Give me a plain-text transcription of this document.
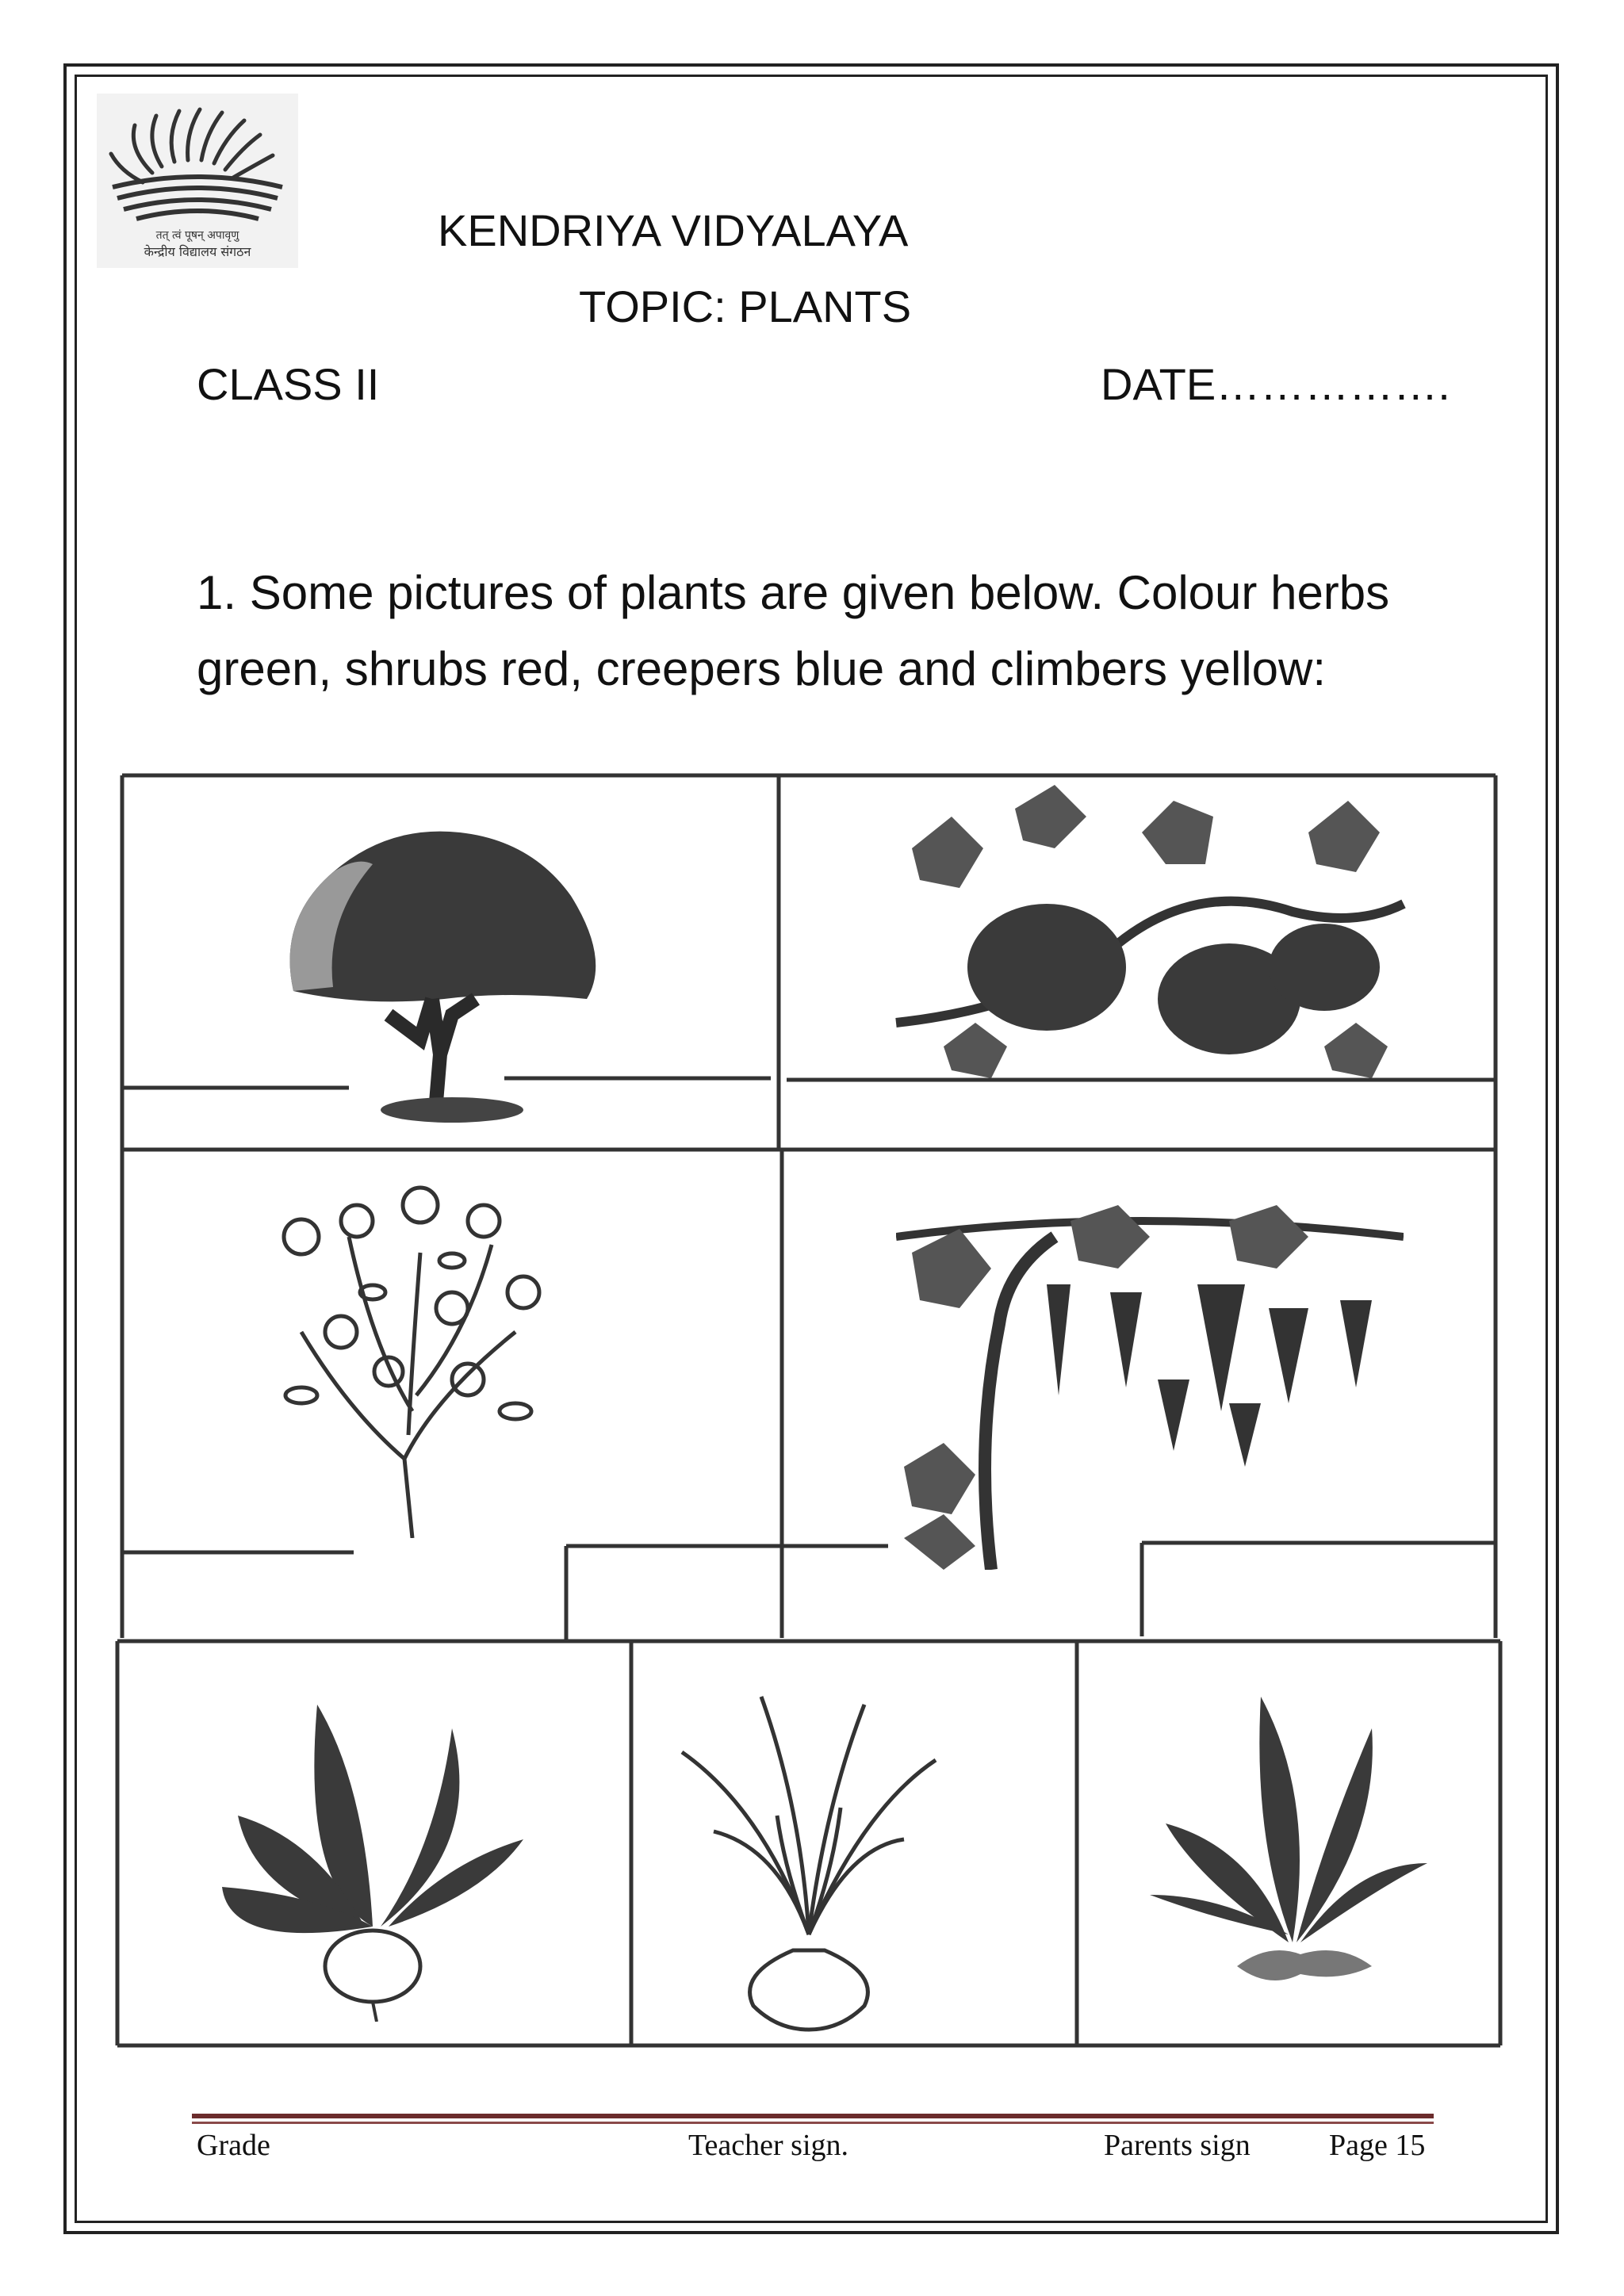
तत् त्वं पूषन् अपावृणु
केन्द्रीय विद्यालय संगठन	KENDRIYA VIDYALAYA
TOPIC: PLANTS
CLASS II	DATE…………….
1. Some pictures of plants are given below. Colour herbs green, shrubs red, creepers blue and climbers yellow:
Grade	Teacher sign.	Parents sign	Page 15
